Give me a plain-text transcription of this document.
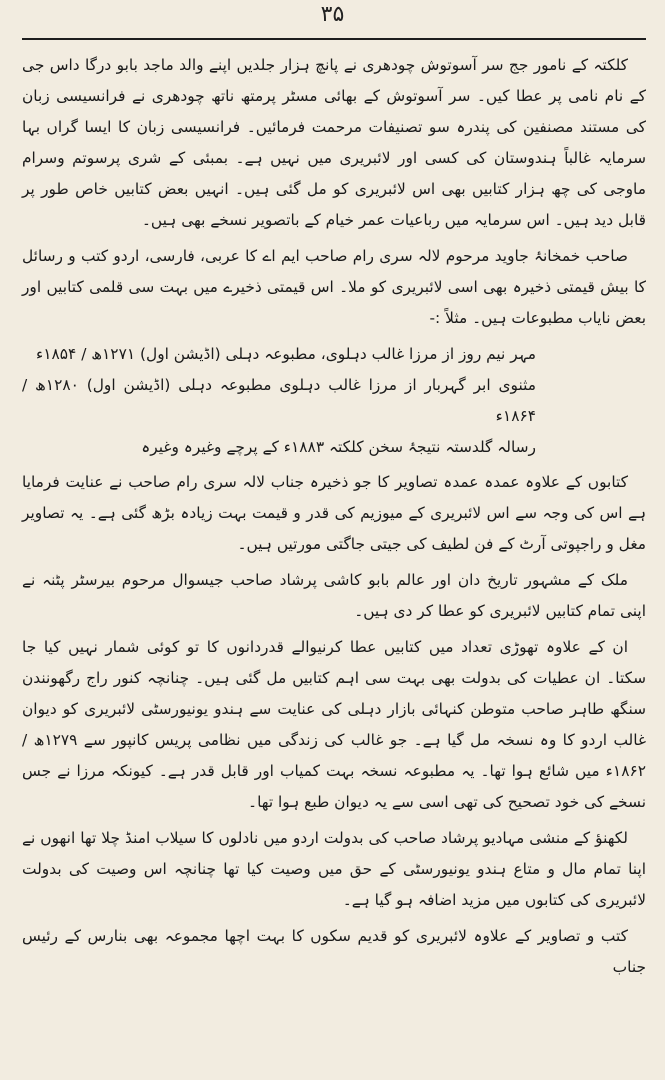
۳۵

کلکتہ کے نامور جج سر آسوتوش چودھری نے پانچ ہزار جلدیں اپنے والد ماجد بابو درگا داس جی کے نام نامی پر عطا کیں۔ سر آسوتوش کے بھائی مسٹر پرمتھ ناتھ چودھری نے فرانسیسی زبان کی مستند مصنفین کی پندرہ سو تصنیفات مرحمت فرمائیں۔ فرانسیسی زبان کا ایسا گراں بہا سرمایہ غالباً ہندوستان کی کسی اور لائبریری میں نہیں ہے۔ بمبئی کے شری پرسوتم وسرام ماوجی کی چھ ہزار کتابیں بھی اس لائبریری کو مل گئی ہیں۔ انہیں بعض کتابیں خاص طور پر قابل دید ہیں۔ اس سرمایہ میں رباعیات عمر خیام کے باتصویر نسخے بھی ہیں۔

صاحب خمخانۂ جاوید مرحوم لالہ سری رام صاحب ایم اے کا عربی، فارسی، اردو کتب و رسائل کا بیش قیمتی ذخیرہ بھی اسی لائبریری کو ملا۔ اس قیمتی ذخیرے میں بہت سی قلمی کتابیں اور بعض نایاب مطبوعات ہیں۔ مثلاً :-

مہر نیم روز از مرزا غالب دہلوی، مطبوعہ دہلی (اڈیشن اول) ۱۲۷۱ھ / ۱۸۵۴ء
مثنوی ابر گہربار از مرزا غالب دہلوی مطبوعہ دہلی (اڈیشن اول) ۱۲۸۰ھ / ۱۸۶۴ء
رسالہ گلدستہ نتیجۂ سخن کلکتہ ۱۸۸۳ء کے پرچے وغیرہ وغیرہ

کتابوں کے علاوہ عمدہ عمدہ تصاویر کا جو ذخیرہ جناب لالہ سری رام صاحب نے عنایت فرمایا ہے اس کی وجہ سے اس لائبریری کے میوزیم کی قدر و قیمت بہت زیادہ بڑھ گئی ہے۔ یہ تصاویر مغل و راجپوتی آرٹ کے فن لطیف کی جیتی جاگتی مورتیں ہیں۔

ملک کے مشہور تاریخ دان اور عالم بابو کاشی پرشاد صاحب جیسوال مرحوم بیرسٹر پٹنہ نے اپنی تمام کتابیں لائبریری کو عطا کر دی ہیں۔

ان کے علاوہ تھوڑی تعداد میں کتابیں عطا کرنیوالے قدردانوں کا تو کوئی شمار نہیں کیا جا سکتا۔ ان عطیات کی بدولت بھی بہت سی اہم کتابیں مل گئی ہیں۔ چنانچہ کنور راج رگھونندن سنگھ طاہر صاحب متوطن کنہائی بازار دہلی کی عنایت سے ہندو یونیورسٹی لائبریری کو دیوان غالب اردو کا وہ نسخہ مل گیا ہے۔ جو غالب کی زندگی میں نظامی پریس کانپور سے ۱۲۷۹ھ / ۱۸۶۲ء میں شائع ہوا تھا۔ یہ مطبوعہ نسخہ بہت کمیاب اور قابل قدر ہے۔ کیونکہ مرزا نے جس نسخے کی خود تصحیح کی تھی اسی سے یہ دیوان طبع ہوا تھا۔

لکھنؤ کے منشی مہادیو پرشاد صاحب کی بدولت اردو میں نادلوں کا سیلاب امنڈ چلا تھا انھوں نے اپنا تمام مال و متاع ہندو یونیورسٹی کے حق میں وصیت کیا تھا چنانچہ اس وصیت کی بدولت لائبریری کی کتابوں میں مزید اضافہ ہو گیا ہے۔

کتب و تصاویر کے علاوہ لائبریری کو قدیم سکوں کا بہت اچھا مجموعہ بھی بنارس کے رئیس جناب
